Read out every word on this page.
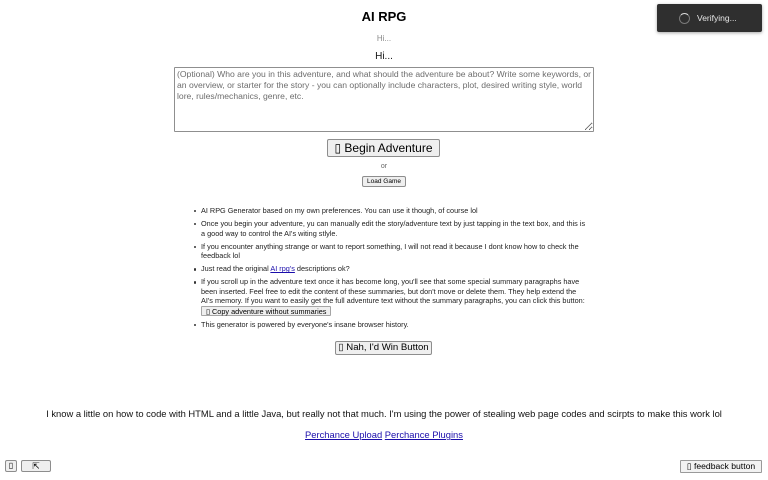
AI RPG
Hi...
Hi...
(Optional) Who are you in this adventure, and what should the adventure be about? Write some keywords, or an overview, or starter for the story - you can optionally include characters, plot, desired writing style, world lore, rules/mechanics, genre, etc.
▯ Begin Adventure
or
Load Game
AI RPG Generator based on my own preferences. You can use it though, of course lol
Once you begin your adventure, yu can manually edit the story/adventure text by just tapping in the text box, and this is a good way to control the AI's witing stlyle.
If you encounter anything strange or want to report something, I will not read it because I dont know how to check the feedback lol
Just read the original AI rpg's descriptions ok?
If you scroll up in the adventure text once it has become long, you'll see that some special summary paragraphs have been inserted. Feel free to edit the content of these summaries, but don't move or delete them. They help extend the AI's memory. If you want to easily get the full adventure text without the summary paragraphs, you can click this button: ▯ Copy adventure without summaries
This generator is powered by everyone's insane browser history.
▯ Nah, I'd Win Button
I know a little on how to code with HTML and a little Java, but really not that much. I'm using the power of stealing web page codes and scirpts to make this work lol
Perchance Upload Perchance Plugins
▯	⇱	▯ feedback button
Verifying...
